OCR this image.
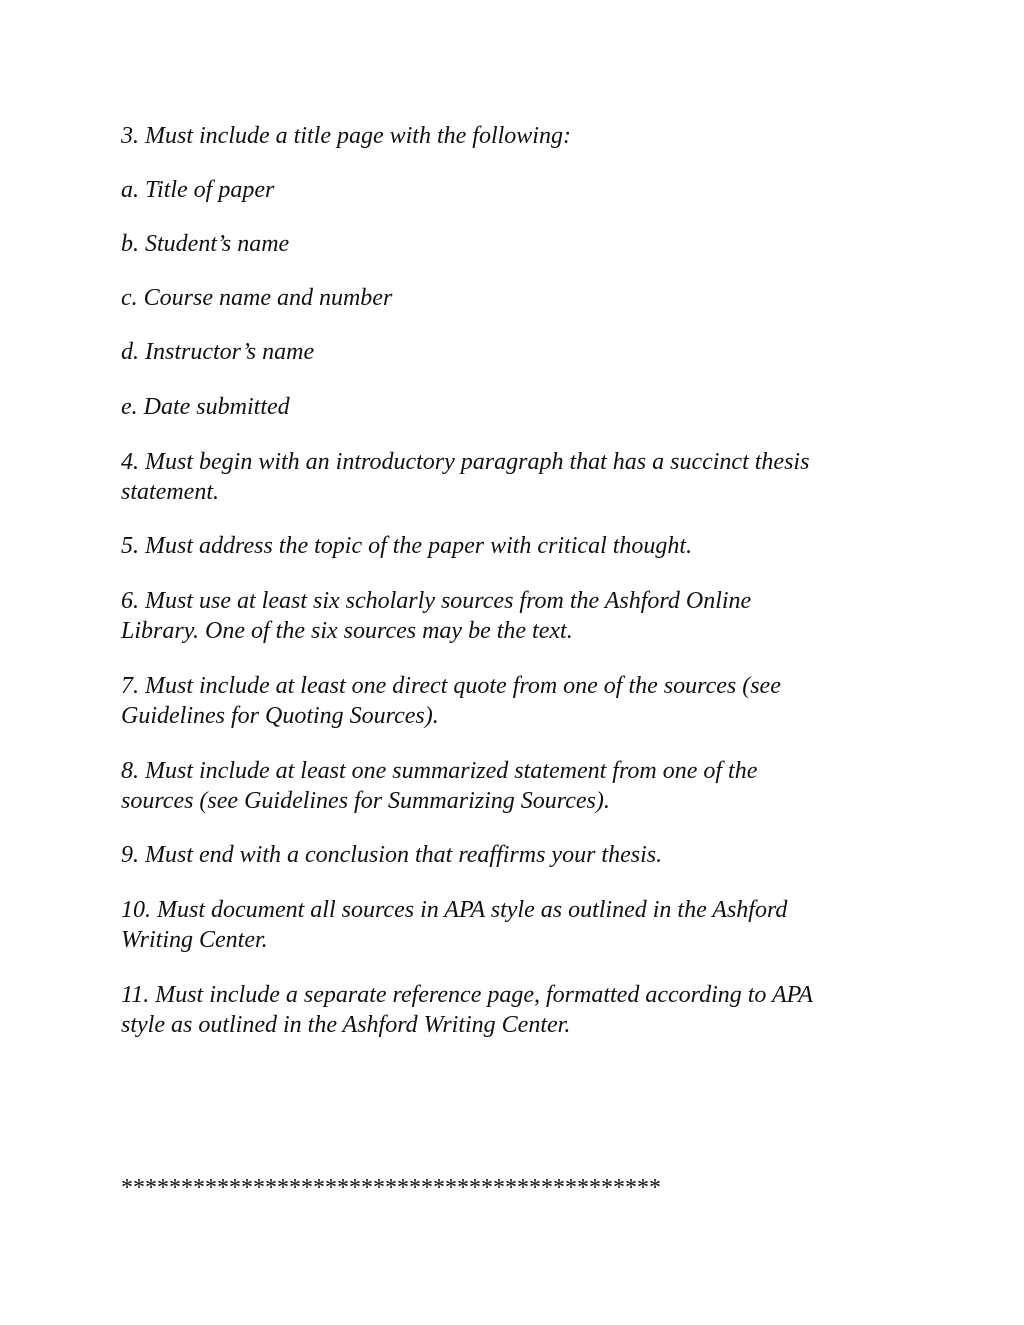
3. Must include a title page with the following:

a. Title of paper

b. Student’s name

c. Course name and number

d. Instructor’s name

e. Date submitted

4. Must begin with an introductory paragraph that has a succinct thesis

statement.

5. Must address the topic of the paper with critical thought.

6. Must use at least six scholarly sources from the Ashford Online

Library. One of the six sources may be the text.

7. Must include at least one direct quote from one of the sources (see

Guidelines for Quoting Sources).

8. Must include at least one summarized statement from one of the

sources (see Guidelines for Summarizing Sources).

9. Must end with a conclusion that reaffirms your thesis.

10. Must document all sources in APA style as outlined in the Ashford

Writing Center.

11. Must include a separate reference page, formatted according to APA

style as outlined in the Ashford Writing Center.

*********************************************
